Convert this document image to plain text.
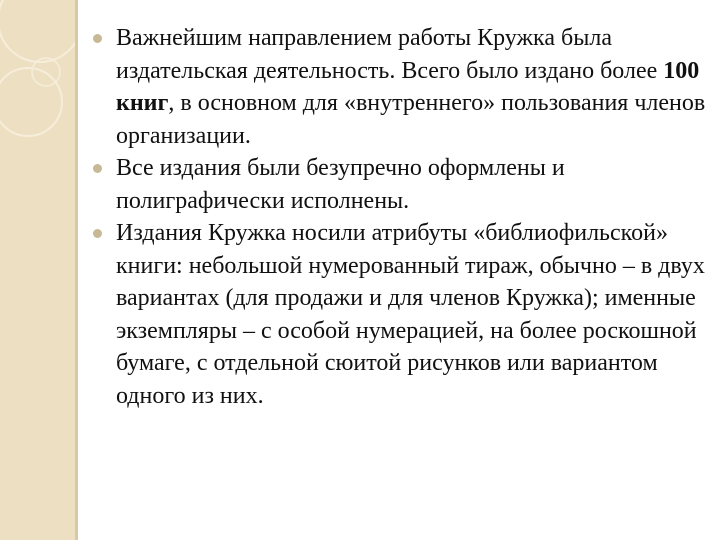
Важнейшим направлением работы Кружка была издательская деятельность. Всего было издано более 100 книг, в основном для «внутреннего» пользования членов организации.
Все издания были безупречно оформлены и полиграфически исполнены.
Издания Кружка носили атрибуты «библиофильской» книги: небольшой нумерованный тираж, обычно – в двух вариантах (для продажи и для членов Кружка); именные экземпляры – с особой нумерацией, на более роскошной бумаге, с отдельной сюитой рисунков или вариантом одного из них.
